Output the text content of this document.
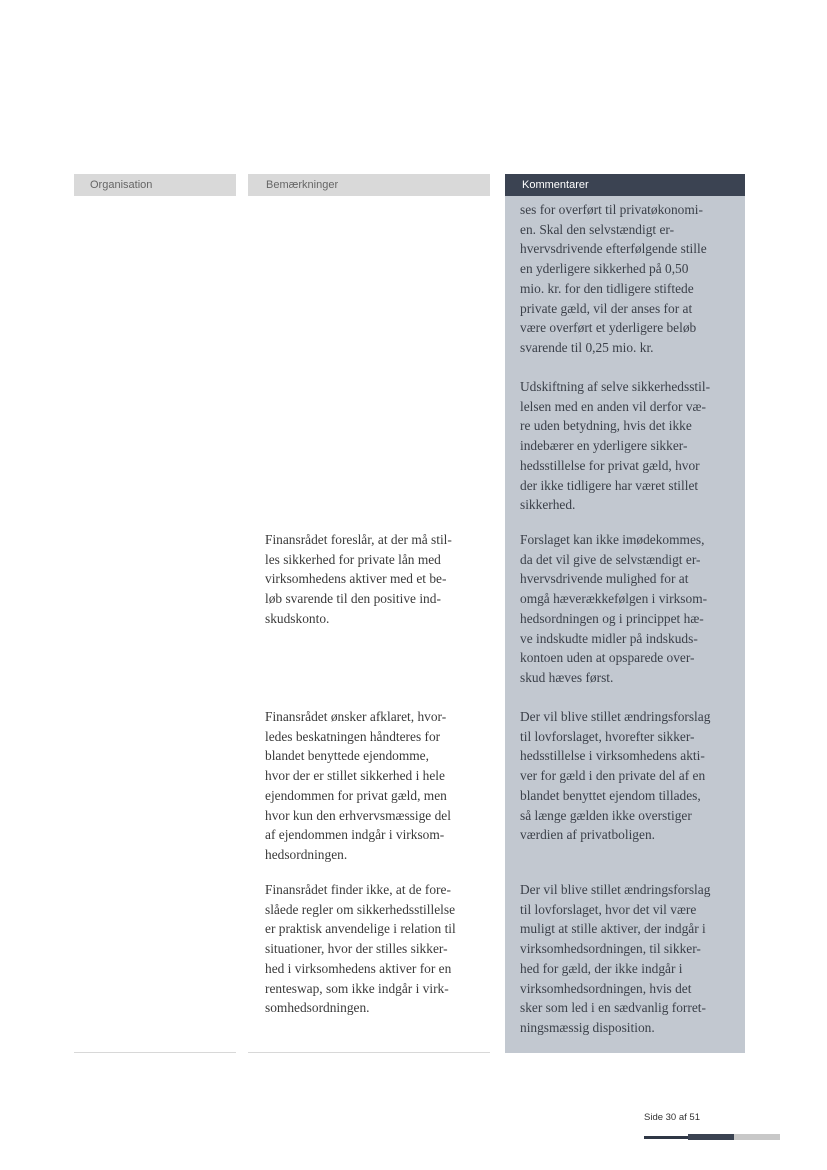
Organisation	Bemærkninger	Kommentarer

ses for overført til privatøkonomi-
en. Skal den selvstændigt er-
hvervsdrivende efterfølgende stille
en yderligere sikkerhed på 0,50
mio. kr. for den tidligere stiftede
private gæld, vil der anses for at
være overført et yderligere beløb
svarende til 0,25 mio. kr.

Udskiftning af selve sikkerhedsstil-
lelsen med en anden vil derfor væ-
re uden betydning, hvis det ikke
indebærer en yderligere sikker-
hedsstillelse for privat gæld, hvor
der ikke tidligere har været stillet
sikkerhed.

Finansrådet foreslår, at der må stil-
les sikkerhed for private lån med
virksomhedens aktiver med et be-
løb svarende til den positive ind-
skudskonto.

Forslaget kan ikke imødekommes,
da det vil give de selvstændigt er-
hvervsdrivende mulighed for at
omgå hæverækkefølgen i virksom-
hedsordningen og i princippet hæ-
ve indskudte midler på indskuds-
kontoen uden at opsparede over-
skud hæves først.

Finansrådet ønsker afklaret, hvor-
ledes beskatningen håndteres for
blandet benyttede ejendomme,
hvor der er stillet sikkerhed i hele
ejendommen for privat gæld, men
hvor kun den erhvervsmæssige del
af ejendommen indgår i virksom-
hedsordningen.

Der vil blive stillet ændringsforslag
til lovforslaget, hvorefter sikker-
hedsstillelse i virksomhedens akti-
ver for gæld i den private del af en
blandet benyttet ejendom tillades,
så længe gælden ikke overstiger
værdien af privatboligen.

Finansrådet finder ikke, at de fore-
slåede regler om sikkerhedsstillelse
er praktisk anvendelige i relation til
situationer, hvor der stilles sikker-
hed i virksomhedens aktiver for en
renteswap, som ikke indgår i virk-
somhedsordningen.

Der vil blive stillet ændringsforslag
til lovforslaget, hvor det vil være
muligt at stille aktiver, der indgår i
virksomhedsordningen, til sikker-
hed for gæld, der ikke indgår i
virksomhedsordningen, hvis det
sker som led i en sædvanlig forret-
ningsmæssig disposition.

Side 30 af 51
